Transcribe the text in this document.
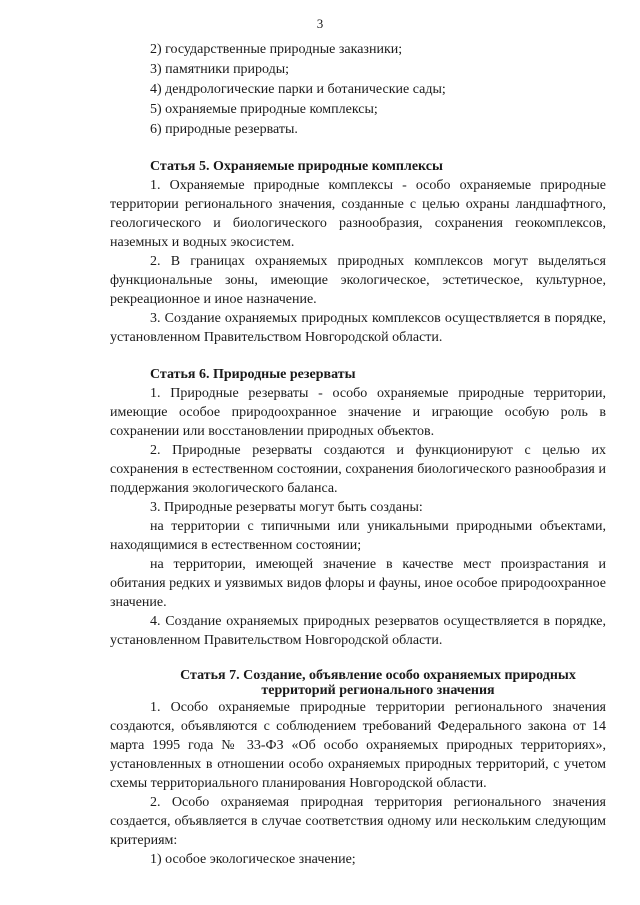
3

2) государственные природные заказники;

3) памятники природы;

4) дендрологические парки и ботанические сады;

5) охраняемые природные комплексы;

6) природные резерваты.

Статья 5. Охраняемые природные комплексы

1. Охраняемые природные комплексы - особо охраняемые природные территории регионального значения, созданные с целью охраны ландшафтного, геологического и биологического разнообразия, сохранения геокомплексов, наземных и водных экосистем.

2. В границах охраняемых природных комплексов могут выделяться функциональные зоны, имеющие экологическое, эстетическое, культурное, рекреационное и иное назначение.

3. Создание охраняемых природных комплексов осуществляется в порядке, установленном Правительством Новгородской области.

Статья 6. Природные резерваты

1. Природные резерваты - особо охраняемые природные территории, имеющие особое природоохранное значение и играющие особую роль в сохранении или восстановлении природных объектов.

2. Природные резерваты создаются и функционируют с целью их сохранения в естественном состоянии, сохранения биологического разнообразия и поддержания экологического баланса.

3. Природные резерваты могут быть созданы:

на территории с типичными или уникальными природными объектами, находящимися в естественном состоянии;

на территории, имеющей значение в качестве мест произрастания и обитания редких и уязвимых видов флоры и фауны, иное особое природоохранное значение.

4. Создание охраняемых природных резерватов осуществляется в порядке, установленном Правительством Новгородской области.

Статья 7. Создание, объявление особо охраняемых природных
территорий регионального значения

1. Особо охраняемые природные территории регионального значения создаются, объявляются с соблюдением требований Федерального закона от 14 марта 1995 года № 33-ФЗ «Об особо охраняемых природных территориях», установленных в отношении особо охраняемых природных территорий, с учетом схемы территориального планирования Новгородской области.

2. Особо охраняемая природная территория регионального значения создается, объявляется в случае соответствия одному или нескольким следующим критериям:

1) особое экологическое значение;
